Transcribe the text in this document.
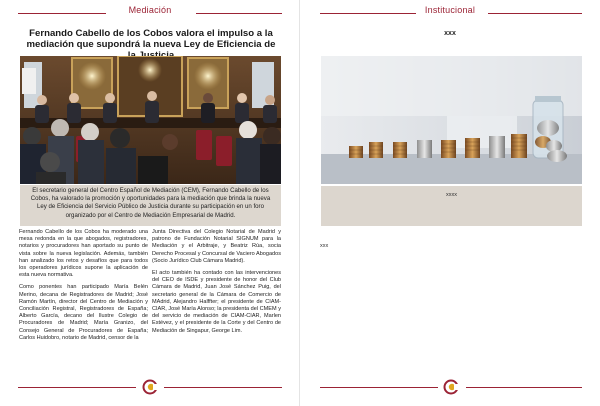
Mediación
Fernando Cabello de los Cobos valora el impulso a la mediación que supondrá la nueva Ley de Eficiencia de
El secretario general del Centro Español de Mediación (CEM), Fernando Cabello de los Cobos, ha valorado la promoción y oportunidades para la mediación que brinda la nueva Ley de Eficiencia del Servicio Público de Justicia durante su participación en un foro organizado por el Centro de Mediación Empresarial de Madrid.

Fernando Cabello de los Cobos ha moderado una mesa redonda en la que abogados, registradores, notarios y procuradores han aportado su punto de vista sobre la nueva legislación. Además, también han analizado los retos y desafíos que para todos los operadores jurídicos supone la aplicación de esta nueva normativa.

Como ponentes han participado María Belén Merino, decana de Registradores de Madrid; José Ramón Martín, director del Centro de Mediación y Conciliación Registral, Registradores de España; Alberto García, decano del Ilustre Colegio de Procuradores de Madrid; María Granizo, del Consejo General de Procuradores de España; Carlos Huidobro, notario de Madrid, censor de la

Junta Directiva del Colegio Notarial de Madrid y patrono de Fundación Notarial SIGNUM para la Mediación y el Arbitraje, y Beatriz Rúa, socia Derecho Procesal y Concursal de Vaciero Abogados (Socio Jurídico Club Cámara Madrid).

El acto también ha contado con las intervenciones del CEO de ISDE y presidente de honor del Club Cámara de Madrid, Juan José Sánchez Puig, del secretario general de la Cámara de Comercio de MAdrid, Alejandro Halffter; el presidente de CIAM-CIAR, José María Alonso; la presidenta del CMEM y del servicio de mediación de CIAM-CIAR, Marlen Estévez, y el presidente de la Corte y del Centro de Mediación de Singapur, George Lim.

Institucional
xxx
xxxx
xxx
